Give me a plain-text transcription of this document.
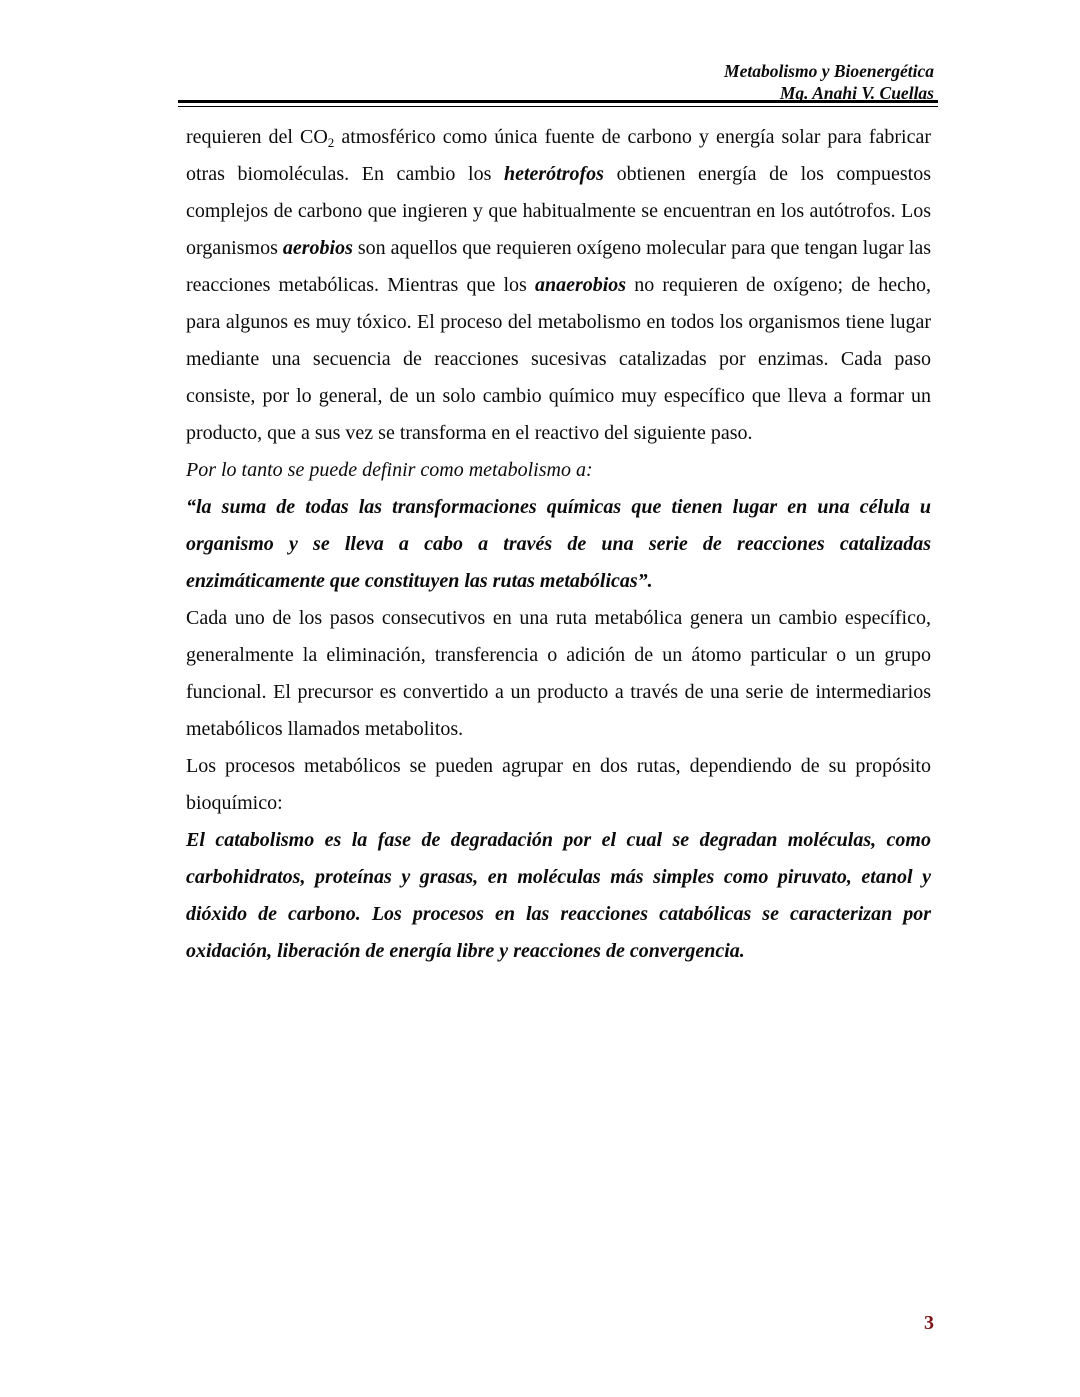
Metabolismo y Bioenergética
Mg. Anahi V. Cuellas

requieren del $CO_2$ atmosférico como única fuente de carbono y energía solar para fabricar otras biomoléculas. En cambio los heterótrofos obtienen energía de los compuestos complejos de carbono que ingieren y que habitualmente se encuentran en los autótrofos. Los organismos aerobios son aquellos que requieren oxígeno molecular para que tengan lugar las reacciones metabólicas. Mientras que los anaerobios no requieren de oxígeno; de hecho, para algunos es muy tóxico. El proceso del metabolismo en todos los organismos tiene lugar mediante una secuencia de reacciones sucesivas catalizadas por enzimas. Cada paso consiste, por lo general, de un solo cambio químico muy específico que lleva a formar un producto, que a sus vez se transforma en el reactivo del siguiente paso.

Por lo tanto se puede definir como metabolismo a:

“la suma de todas las transformaciones químicas que tienen lugar en una célula u organismo y se lleva a cabo a través de una serie de reacciones catalizadas enzimáticamente que constituyen las rutas metabólicas”.

Cada uno de los pasos consecutivos en una ruta metabólica genera un cambio específico, generalmente la eliminación, transferencia o adición de un átomo particular o un grupo funcional. El precursor es convertido a un producto a través de una serie de intermediarios metabólicos llamados metabolitos.

Los procesos metabólicos se pueden agrupar en dos rutas, dependiendo de su propósito bioquímico:

El catabolismo es la fase de degradación por el cual se degradan moléculas, como carbohidratos, proteínas y grasas, en moléculas más simples como piruvato, etanol y dióxido de carbono. Los procesos en las reacciones catabólicas se caracterizan por oxidación, liberación de energía libre y reacciones de convergencia.

3
